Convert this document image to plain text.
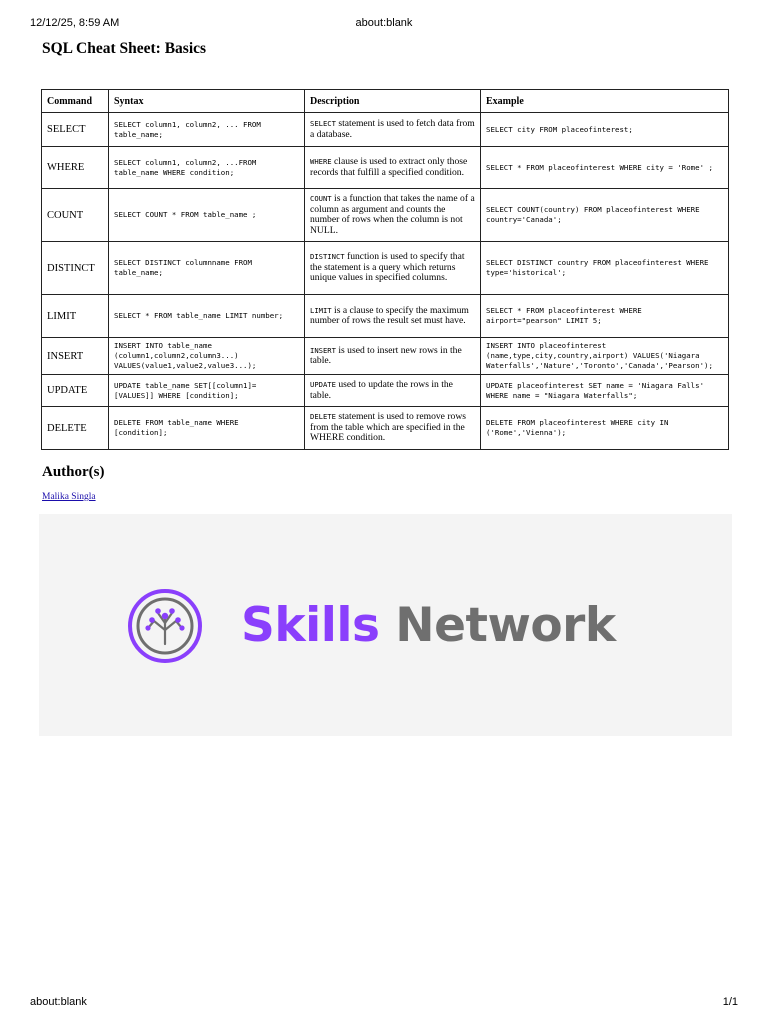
12/12/25, 8:59 AM	about:blank
SQL Cheat Sheet: Basics
Command	Syntax	Description	Example
SELECT	SELECT column1, column2, ... FROM table_name;	SELECT statement is used to fetch data from a database.	SELECT city FROM placeofinterest;
WHERE	SELECT column1, column2, ...FROM table_name WHERE condition;	WHERE clause is used to extract only those records that fulfill a specified condition.	SELECT * FROM placeofinterest WHERE city = 'Rome' ;
COUNT	SELECT COUNT * FROM table_name ;	COUNT is a function that takes the name of a column as argument and counts the number of rows when the column is not NULL.	SELECT COUNT(country) FROM placeofinterest WHERE country='Canada';
DISTINCT	SELECT DISTINCT columnname FROM table_name;	DISTINCT function is used to specify that the statement is a query which returns unique values in specified columns.	SELECT DISTINCT country FROM placeofinterest WHERE type='historical';
LIMIT	SELECT * FROM table_name LIMIT number;	LIMIT is a clause to specify the maximum number of rows the result set must have.	SELECT * FROM placeofinterest WHERE
airport="pearson" LIMIT 5;
INSERT	INSERT INTO table_name
(column1,column2,column3...)
VALUES(value1,value2,value3...);	INSERT is used to insert new rows in the table.	INSERT INTO placeofinterest
(name,type,city,country,airport) VALUES('Niagara
Waterfalls','Nature','Toronto','Canada','Pearson');
UPDATE	UPDATE table_name SET[[column1]=
[VALUES]] WHERE [condition];	UPDATE used to update the rows in the table.	UPDATE placeofinterest SET name = 'Niagara Falls'
WHERE name = "Niagara Waterfalls";
DELETE	DELETE FROM table_name WHERE
[condition];	DELETE statement is used to remove rows from the table which are specified in the WHERE condition.	DELETE FROM placeofinterest WHERE city IN
('Rome','Vienna');
Author(s)
Malika Singla
Skills Network
about:blank	1/1
